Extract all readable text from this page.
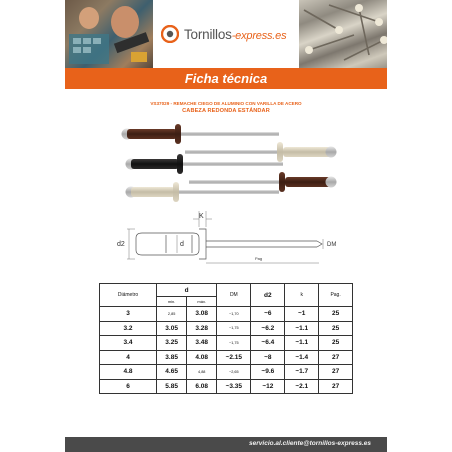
Tornillos-express.es
Ficha técnica
VS37029 - REMACHE CIEGO DE ALUMINIO CON VARILLA DE ACERO
CABEZA REDONDA ESTÁNDAR
d2	d
K
DM
Pag
Diámetro	d		DM	d2	k	Pag.
	min.	máx.				
3	2,85	3.08	~1,70	~6	~1	25
3.2	3.05	3.28	~1,75	~6.2	~1.1	25
3.4	3.25	3.48	~1,75	~6.4	~1.1	25
4	3.85	4.08	~2.15	~8	~1.4	27
4.8	4.65	4,88	~2,65	~9.6	~1.7	27
6	5.85	6.08	~3.35	~12	~2.1	27
servicio.al.cliente@tornillos-express.es
